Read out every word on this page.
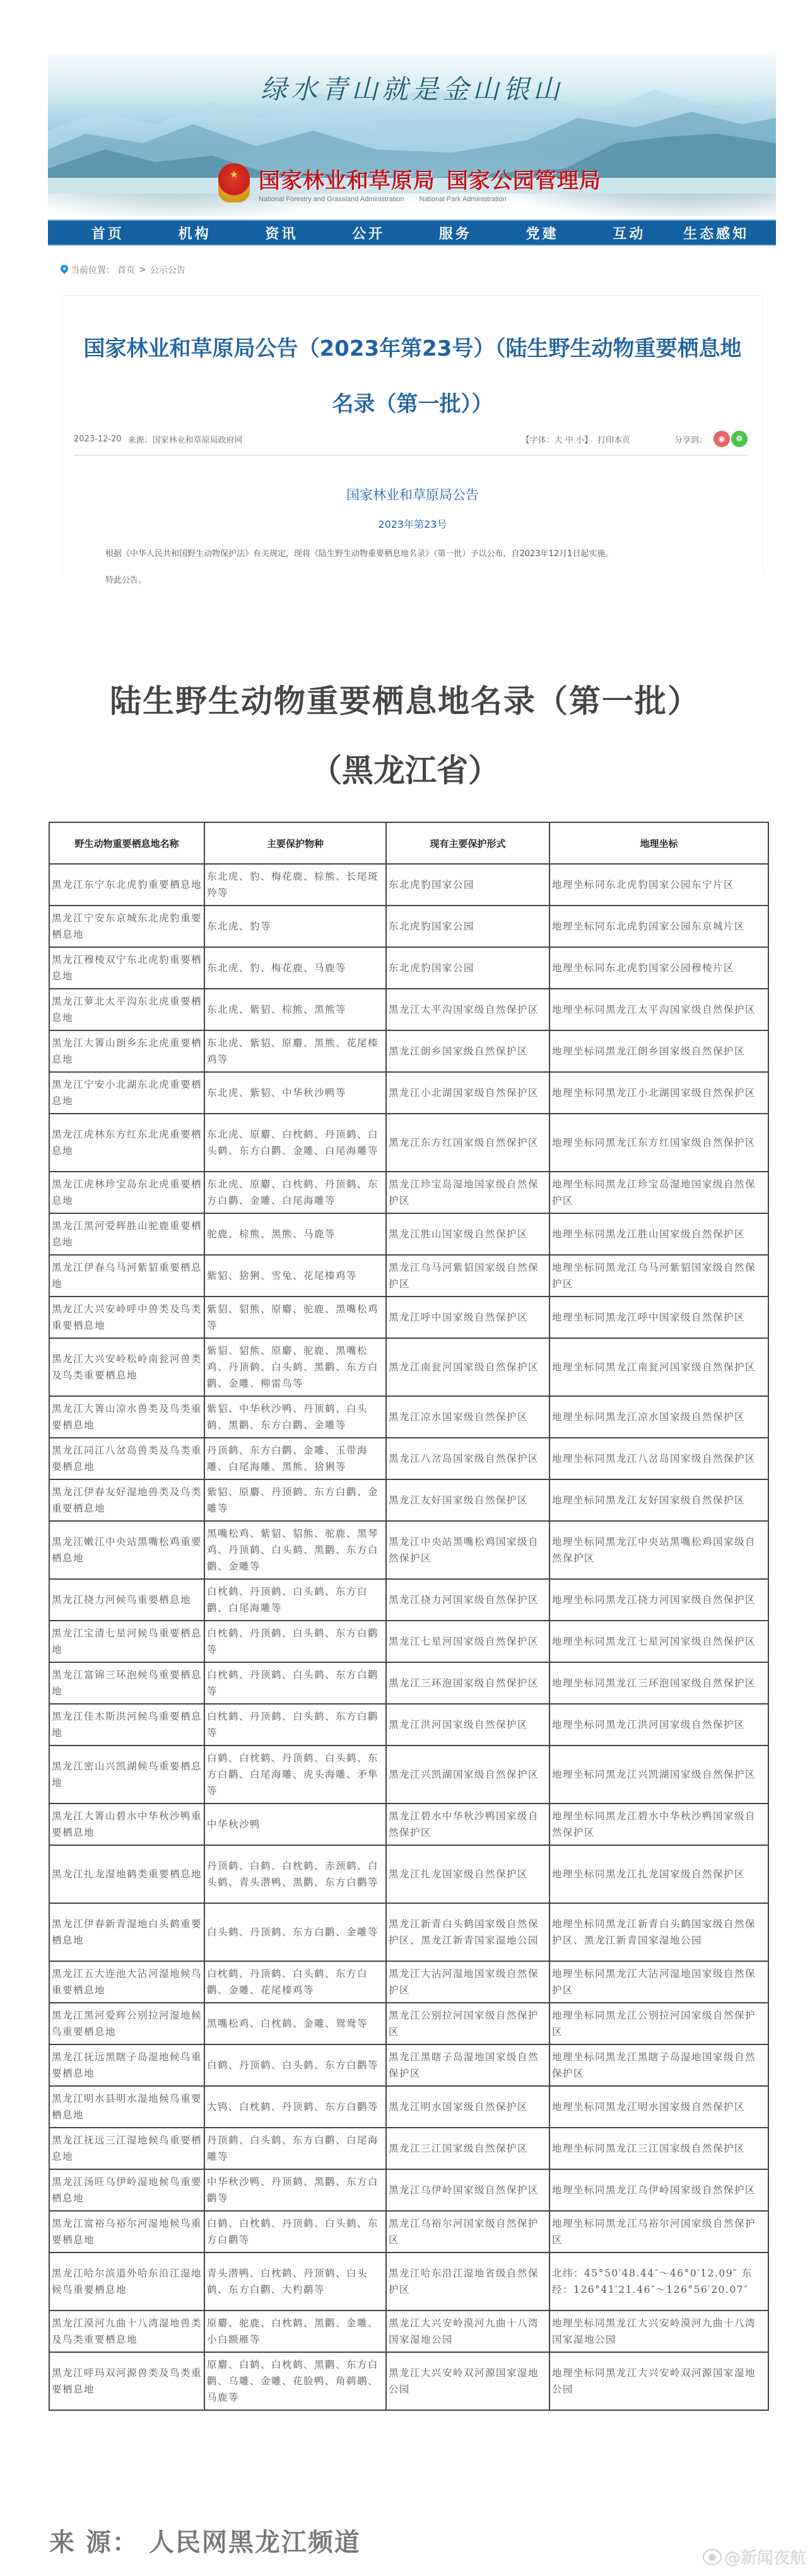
绿水青山就是金山银山
★
国家林业和草原局 国家公园管理局
National Forestry and Grassland Administration National Park Administration
首页	机构	资讯	公开	服务	党建	互动	生态感知
当前位置： 首页 > 公示公告
国家林业和草原局公告（2023年第23号）（陆生野生动物重要栖息地名录（第一批））
2023-12-20 来源：国家林业和草原局政府网	【字体：大 中 小】 打印本页	分享到：	◉	❁
国家林业和草原局公告
2023年第23号

根据《中华人民共和国野生动物保护法》有关规定，现将《陆生野生动物重要栖息地名录》（第一批）予以公布，自2023年12月1日起实施。

特此公告。

陆生野生动物重要栖息地名录（第一批）
（黑龙江省）
野生动物重要栖息地名称	主要保护物种	现有主要保护形式	地理坐标
黑龙江东宁东北虎豹重要栖息地	东北虎、豹、梅花鹿、棕熊、长尾斑羚等	东北虎豹国家公园	地理坐标同东北虎豹国家公园东宁片区
黑龙江宁安东京城东北虎豹重要栖息地	东北虎、豹等	东北虎豹国家公园	地理坐标同东北虎豹国家公园东京城片区
黑龙江穆棱双宁东北虎豹重要栖息地	东北虎、豹、梅花鹿、马鹿等	东北虎豹国家公园	地理坐标同东北虎豹国家公园穆棱片区
黑龙江萝北太平沟东北虎重要栖息地	东北虎、紫貂、棕熊、黑熊等	黑龙江太平沟国家级自然保护区	地理坐标同黑龙江太平沟国家级自然保护区
黑龙江大箐山朗乡东北虎重要栖息地	东北虎、紫貂、原麝、黑熊、花尾榛鸡等	黑龙江朗乡国家级自然保护区	地理坐标同黑龙江朗乡国家级自然保护区
黑龙江宁安小北湖东北虎重要栖息地	东北虎、紫貂、中华秋沙鸭等	黑龙江小北湖国家级自然保护区	地理坐标同黑龙江小北湖国家级自然保护区
黑龙江虎林东方红东北虎重要栖息地	东北虎、原麝、白枕鹤、丹顶鹤、白头鹤、东方白鹳、金雕、白尾海雕等	黑龙江东方红国家级自然保护区	地理坐标同黑龙江东方红国家级自然保护区
黑龙江虎林珍宝岛东北虎重要栖息地	东北虎、原麝、白枕鹤、丹顶鹤、东方白鹳、金雕、白尾海雕等	黑龙江珍宝岛湿地国家级自然保护区	地理坐标同黑龙江珍宝岛湿地国家级自然保护区
黑龙江黑河爱辉胜山驼鹿重要栖息地	驼鹿、棕熊、黑熊、马鹿等	黑龙江胜山国家级自然保护区	地理坐标同黑龙江胜山国家级自然保护区
黑龙江伊春乌马河紫貂重要栖息地	紫貂、猞猁、雪兔、花尾榛鸡等	黑龙江乌马河紫貂国家级自然保护区	地理坐标同黑龙江乌马河紫貂国家级自然保护区
黑龙江大兴安岭呼中兽类及鸟类重要栖息地	紫貂、貂熊、原麝、驼鹿、黑嘴松鸡等	黑龙江呼中国家级自然保护区	地理坐标同黑龙江呼中国家级自然保护区
黑龙江大兴安岭松岭南瓮河兽类及鸟类重要栖息地	紫貂、貂熊、原麝、驼鹿、黑嘴松鸡、丹顶鹤、白头鹤、黑鹳、东方白鹳、金雕、柳雷鸟等	黑龙江南瓮河国家级自然保护区	地理坐标同黑龙江南瓮河国家级自然保护区
黑龙江大箐山凉水兽类及鸟类重要栖息地	紫貂、中华秋沙鸭、丹顶鹤、白头鹤、黑鹳、东方白鹳、金雕等	黑龙江凉水国家级自然保护区	地理坐标同黑龙江凉水国家级自然保护区
黑龙江同江八岔岛兽类及鸟类重要栖息地	丹顶鹤、东方白鹳、金雕、玉带海雕、白尾海雕、黑熊、猞猁等	黑龙江八岔岛国家级自然保护区	地理坐标同黑龙江八岔岛国家级自然保护区
黑龙江伊春友好湿地兽类及鸟类重要栖息地	紫貂、原麝、丹顶鹤、东方白鹳、金雕等	黑龙江友好国家级自然保护区	地理坐标同黑龙江友好国家级自然保护区
黑龙江嫩江中央站黑嘴松鸡重要栖息地	黑嘴松鸡、紫貂、貂熊、驼鹿、黑琴鸡、丹顶鹤、白头鹤、黑鹳、东方白鹳、金雕等	黑龙江中央站黑嘴松鸡国家级自然保护区	地理坐标同黑龙江中央站黑嘴松鸡国家级自然保护区
黑龙江挠力河候鸟重要栖息地	白枕鹤、丹顶鹤、白头鹤、东方白鹳、白尾海雕等	黑龙江挠力河国家级自然保护区	地理坐标同黑龙江挠力河国家级自然保护区
黑龙江宝清七星河候鸟重要栖息地	白枕鹤、丹顶鹤、白头鹤、东方白鹳等	黑龙江七星河国家级自然保护区	地理坐标同黑龙江七星河国家级自然保护区
黑龙江富锦三环泡候鸟重要栖息地	白枕鹤、丹顶鹤、白头鹤、东方白鹳等	黑龙江三环泡国家级自然保护区	地理坐标同黑龙江三环泡国家级自然保护区
黑龙江佳木斯洪河候鸟重要栖息地	白枕鹤、丹顶鹤、白头鹤、东方白鹳等	黑龙江洪河国家级自然保护区	地理坐标同黑龙江洪河国家级自然保护区
黑龙江密山兴凯湖候鸟重要栖息地	白鹤、白枕鹤、丹顶鹤、白头鹤、东方白鹳、白尾海雕、虎头海雕、矛隼等	黑龙江兴凯湖国家级自然保护区	地理坐标同黑龙江兴凯湖国家级自然保护区
黑龙江大箐山碧水中华秋沙鸭重要栖息地	中华秋沙鸭	黑龙江碧水中华秋沙鸭国家级自然保护区	地理坐标同黑龙江碧水中华秋沙鸭国家级自然保护区
黑龙江扎龙湿地鹤类重要栖息地	丹顶鹤、白鹤、白枕鹤、赤颈鹤、白头鹤、青头潜鸭、黑鹳、东方白鹳等	黑龙江扎龙国家级自然保护区	地理坐标同黑龙江扎龙国家级自然保护区
黑龙江伊春新青湿地白头鹤重要栖息地	白头鹤、丹顶鹤、东方白鹳、金雕等	黑龙江新青白头鹤国家级自然保护区、黑龙江新青国家湿地公园	地理坐标同黑龙江新青白头鹤国家级自然保护区、黑龙江新青国家湿地公园
黑龙江五大连池大沾河湿地候鸟重要栖息地	白枕鹤、丹顶鹤、白头鹤、东方白鹳、金雕、花尾榛鸡等	黑龙江大沾河湿地国家级自然保护区	地理坐标同黑龙江大沾河湿地国家级自然保护区
黑龙江黑河爱辉公别拉河湿地候鸟重要栖息地	黑嘴松鸡、白枕鹤、金雕、鸳鸯等	黑龙江公别拉河国家级自然保护区	地理坐标同黑龙江公别拉河国家级自然保护区
黑龙江抚远黑瞎子岛湿地候鸟重要栖息地	白鹤、丹顶鹤、白头鹤、东方白鹳等	黑龙江黑瞎子岛湿地国家级自然保护区	地理坐标同黑龙江黑瞎子岛湿地国家级自然保护区
黑龙江明水县明水湿地候鸟重要栖息地	大鸨、白枕鹤、丹顶鹤、东方白鹳等	黑龙江明水国家级自然保护区	地理坐标同黑龙江明水国家级自然保护区
黑龙江抚远三江湿地候鸟重要栖息地	丹顶鹤、白头鹤、东方白鹳、白尾海雕等	黑龙江三江国家级自然保护区	地理坐标同黑龙江三江国家级自然保护区
黑龙江汤旺乌伊岭湿地候鸟重要栖息地	中华秋沙鸭、丹顶鹤、黑鹳、东方白鹳等	黑龙江乌伊岭国家级自然保护区	地理坐标同黑龙江乌伊岭国家级自然保护区
黑龙江富裕乌裕尔河湿地候鸟重要栖息地	白鹤、白枕鹤、丹顶鹤、白头鹤、东方白鹳等	黑龙江乌裕尔河国家级自然保护区	地理坐标同黑龙江乌裕尔河国家级自然保护区
黑龙江哈尔滨道外哈东沿江湿地候鸟重要栖息地	青头潜鸭、白枕鹤、丹顶鹤、白头鹤、东方白鹳、大杓鹬等	黑龙江哈东沿江湿地省级自然保护区	北纬：45°50′48.44″～46°0′12.09″ 东经：126°41′21.46″～126°56′20.07″
黑龙江漠河九曲十八湾湿地兽类及鸟类重要栖息地	原麝、驼鹿、白枕鹤、黑鹳、金雕、小白额雁等	黑龙江大兴安岭漠河九曲十八湾国家湿地公园	地理坐标同黑龙江大兴安岭漠河九曲十八湾国家湿地公园
黑龙江呼玛双河源兽类及鸟类重要栖息地	原麝、白鹤、白枕鹤、黑鹳、东方白鹳、乌雕、金雕、花脸鸭、角鹈鹕、马鹿等	黑龙江大兴安岭双河源国家湿地公园	地理坐标同黑龙江大兴安岭双河源国家湿地公园
来 源： 人民网黑龙江频道	◉ @新闻夜航
